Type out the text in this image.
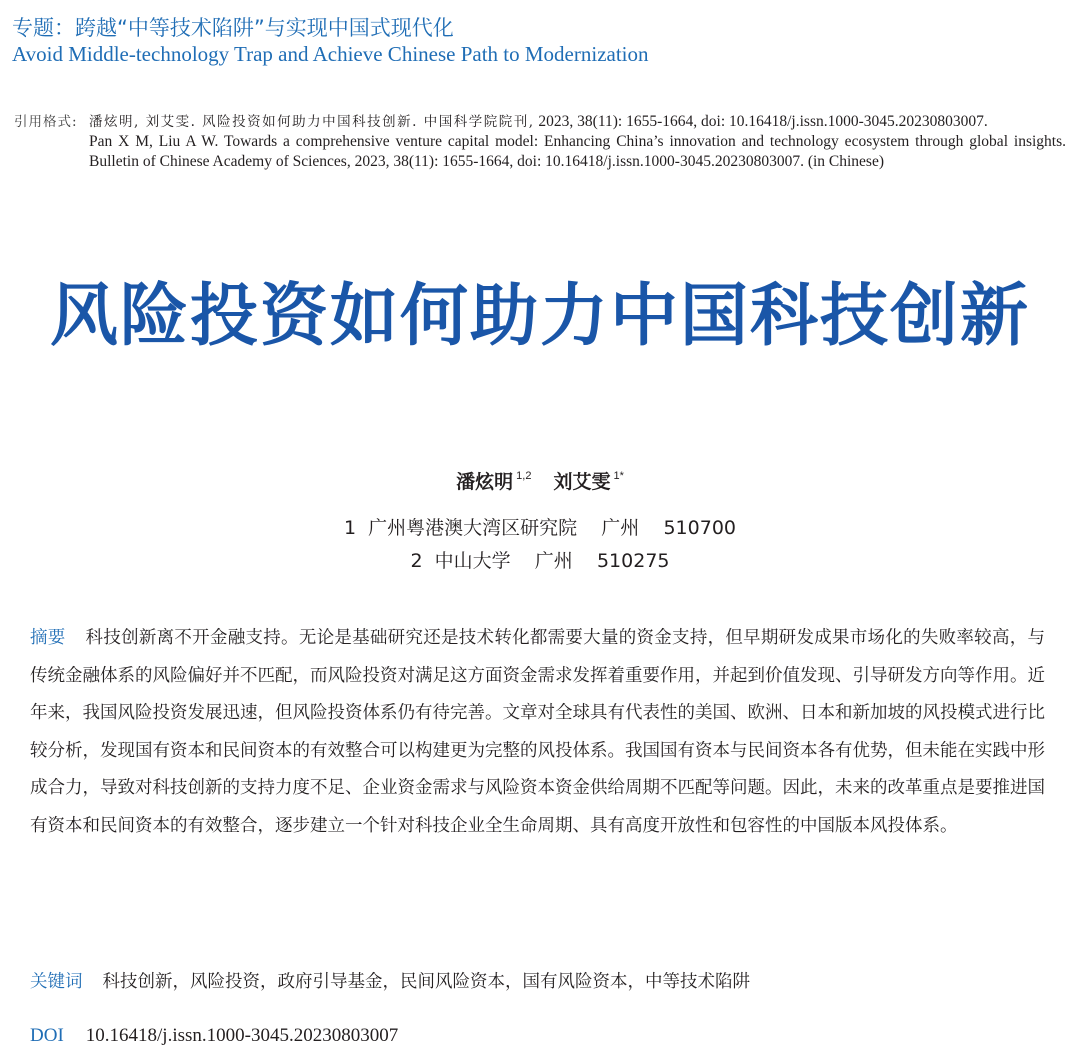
专题：跨越“中等技术陷阱”与实现中国式现代化
Avoid Middle-technology Trap and Achieve Chinese Path to Modernization
引用格式: 潘炫明, 刘艾雯. 风险投资如何助力中国科技创新. 中国科学院院刊, 2023, 38(11): 1655-1664, doi: 10.16418/j.issn.1000-3045.20230803007.
Pan X M, Liu A W. Towards a comprehensive venture capital model: Enhancing China’s innovation and technology ecosystem through global insights. Bulletin of Chinese Academy of Sciences, 2023, 38(11): 1655-1664, doi: 10.16418/j.issn.1000-3045.20230803007. (in Chinese)
风险投资如何助力中国科技创新
潘炫明 $^{1,2}$ 刘艾雯 $^{1*}$
1  广州粤港澳大湾区研究院    广州    510700
2  中山大学    广州    510275
摘要 科技创新离不开金融支持。无论是基础研究还是技术转化都需要大量的资金支持，但早期研发成果市场化的失败率较高，与传统金融体系的风险偏好并不匹配，而风险投资对满足这方面资金需求发挥着重要作用，并起到价值发现、引导研发方向等作用。近年来，我国风险投资发展迅速，但风险投资体系仍有待完善。文章对全球具有代表性的美国、欧洲、日本和新加坡的风投模式进行比较分析，发现国有资本和民间资本的有效整合可以构建更为完整的风投体系。我国国有资本与民间资本各有优势，但未能在实践中形成合力，导致对科技创新的支持力度不足、企业资金需求与风险资本资金供给周期不匹配等问题。因此，未来的改革重点是要推进国有资本和民间资本的有效整合，逐步建立一个针对科技企业全生命周期、具有高度开放性和包容性的中国版本风投体系。
关键词 科技创新，风险投资，政府引导基金，民间风险资本，国有风险资本，中等技术陷阱
DOI 10.16418/j.issn.1000-3045.20230803007
